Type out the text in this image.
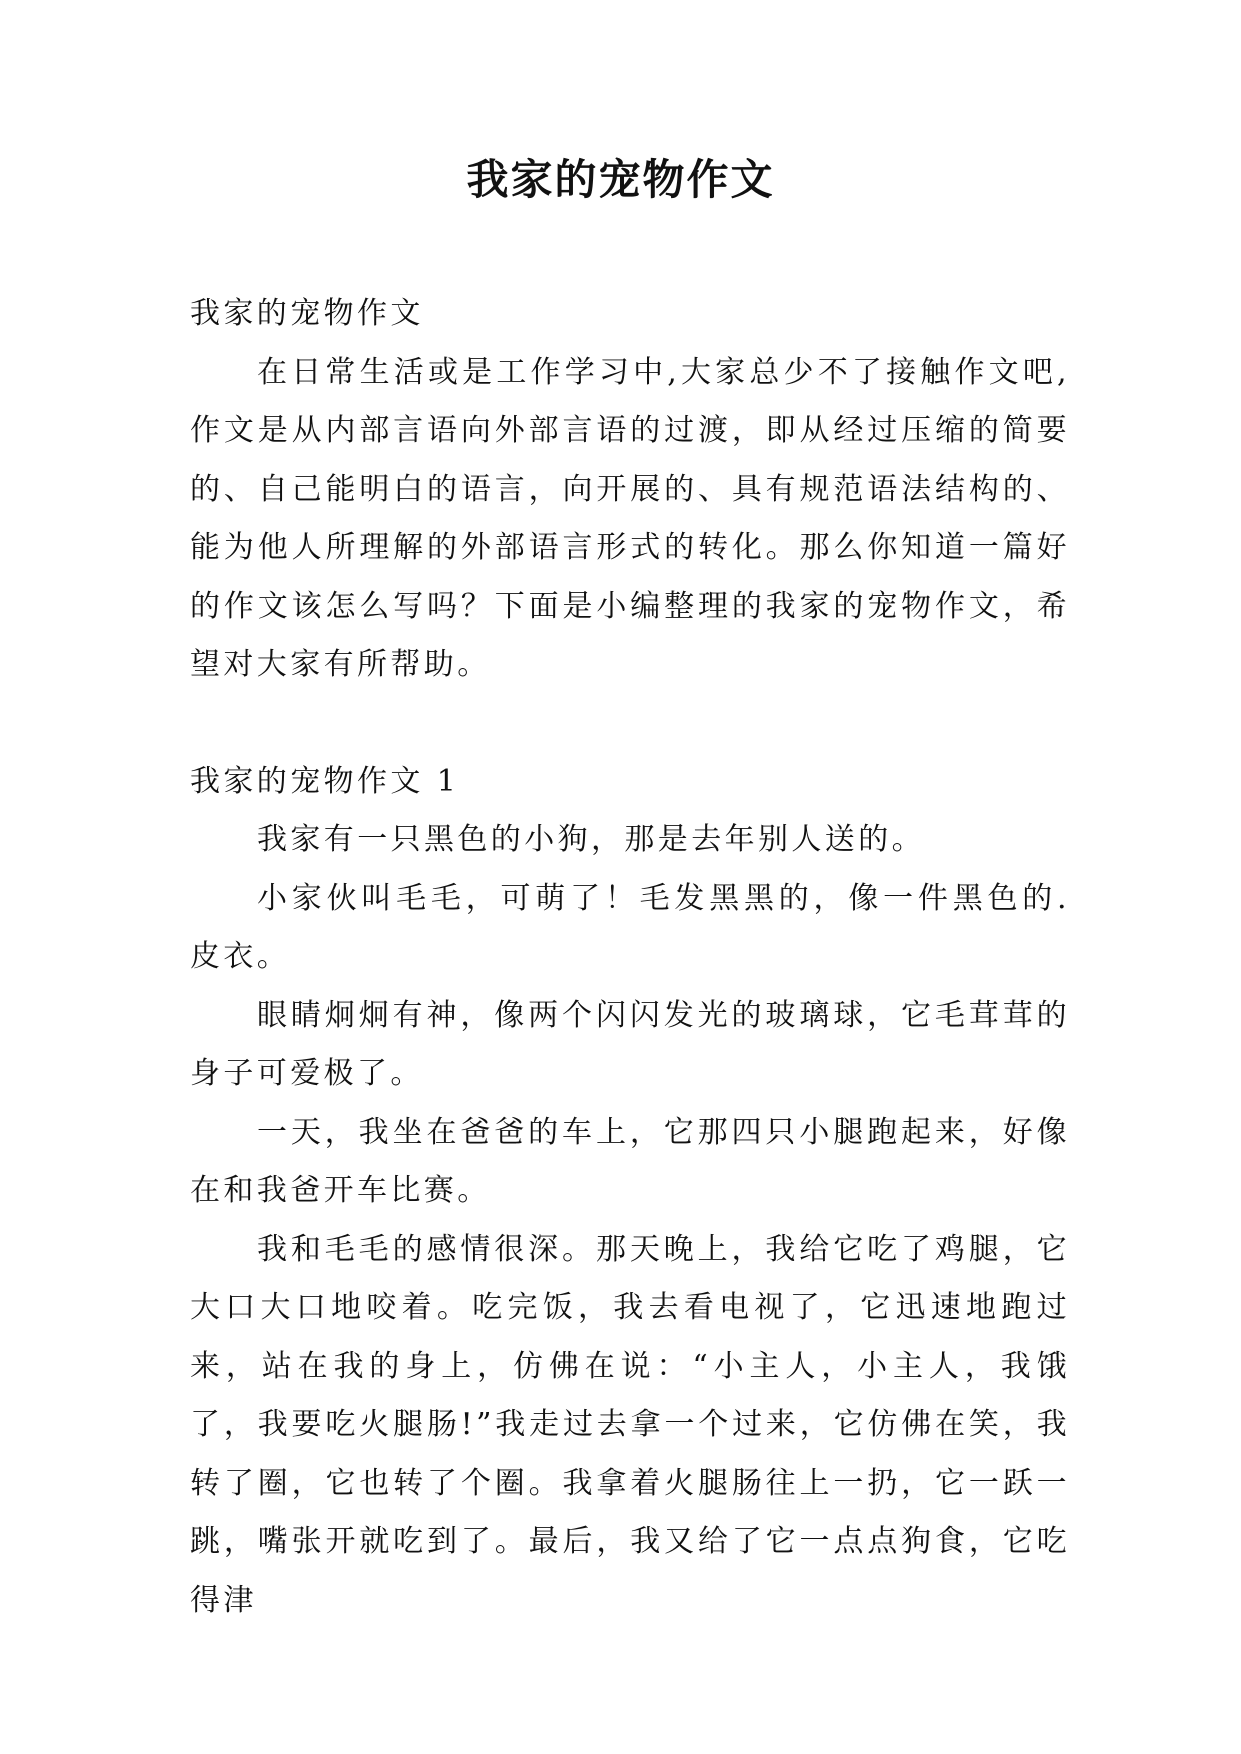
我家的宠物作文

我家的宠物作文

在日常生活或是工作学习中,大家总少不了接触作文吧,作文是从内部言语向外部言语的过渡，即从经过压缩的简要的、自己能明白的语言，向开展的、具有规范语法结构的、能为他人所理解的外部语言形式的转化。那么你知道一篇好的作文该怎么写吗？下面是小编整理的我家的宠物作文，希望对大家有所帮助。

我家的宠物作文 1

我家有一只黑色的小狗，那是去年别人送的。

小家伙叫毛毛，可萌了！毛发黑黑的，像一件黑色的.皮衣。

眼睛炯炯有神，像两个闪闪发光的玻璃球，它毛茸茸的身子可爱极了。

一天，我坐在爸爸的车上，它那四只小腿跑起来，好像在和我爸开车比赛。

我和毛毛的感情很深。那天晚上，我给它吃了鸡腿，它大口大口地咬着。吃完饭，我去看电视了，它迅速地跑过来，站在我的身上，仿佛在说：“小主人，小主人，我饿了，我要吃火腿肠!”我走过去拿一个过来，它仿佛在笑，我转了圈，它也转了个圈。我拿着火腿肠往上一扔，它一跃一跳，嘴张开就吃到了。最后，我又给了它一点点狗食，它吃得津
